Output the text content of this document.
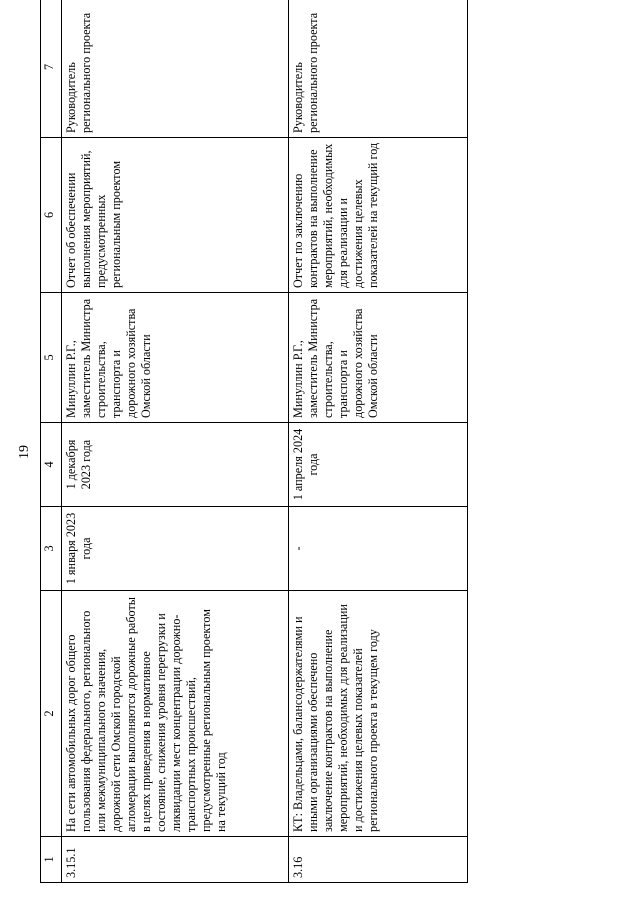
19
1	2	3	4	5	6	7
3.15.1	На сети автомобильных дорог общего пользования федерального, регионального или межмуниципального значения, дорожной сети Омской городской агломерации выполняются дорожные работы в целях приведения в нормативное состояние, снижения уровня перегрузки и ликвидации мест концентрации дорожно-транспортных происшествий, предусмотренные региональным проектом на текущий год	1 января 2023 года	1 декабря 2023 года	Минуллин Р.Г., заместитель Министра строительства, транспорта и дорожного хозяйства Омской области	Отчет об обеспечении выполнения мероприятий, предусмотренных региональным проектом	Руководитель регионального проекта
3.16	КТ: Владельцами, балансодержателями и иными организациями обеспечено заключение контрактов на выполнение мероприятий, необходимых для реализации и достижения целевых показателей регионального проекта в текущем году	-	1 апреля 2024 года	Минуллин Р.Г., заместитель Министра строительства, транспорта и дорожного хозяйства Омской области	Отчет по заключению контрактов на выполнение мероприятий, необходимых для реализации и достижения целевых показателей на текущий год	Руководитель регионального проекта
